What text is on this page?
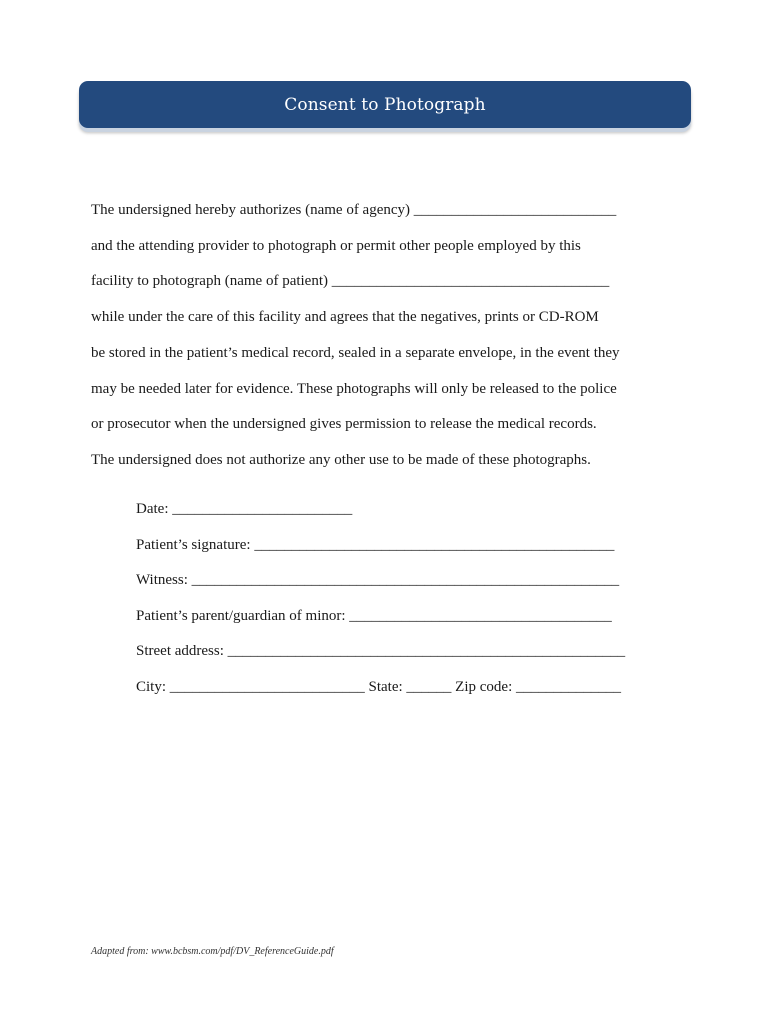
Consent to Photograph
The undersigned hereby authorizes (name of agency) ___________________________
and the attending provider to photograph or permit other people employed by this
facility to photograph (name of patient) _____________________________________
while under the care of this facility and agrees that the negatives, prints or CD-ROM
be stored in the patient’s medical record, sealed in a separate envelope, in the event they
may be needed later for evidence. These photographs will only be released to the police
or prosecutor when the undersigned gives permission to release the medical records.
The undersigned does not authorize any other use to be made of these photographs.
Date: ________________________
Patient’s signature: ________________________________________________
Witness: _________________________________________________________
Patient’s parent/guardian of minor: ___________________________________
Street address: _____________________________________________________
City: __________________________ State: ______ Zip code: ______________
Adapted from: www.bcbsm.com/pdf/DV_ReferenceGuide.pdf
